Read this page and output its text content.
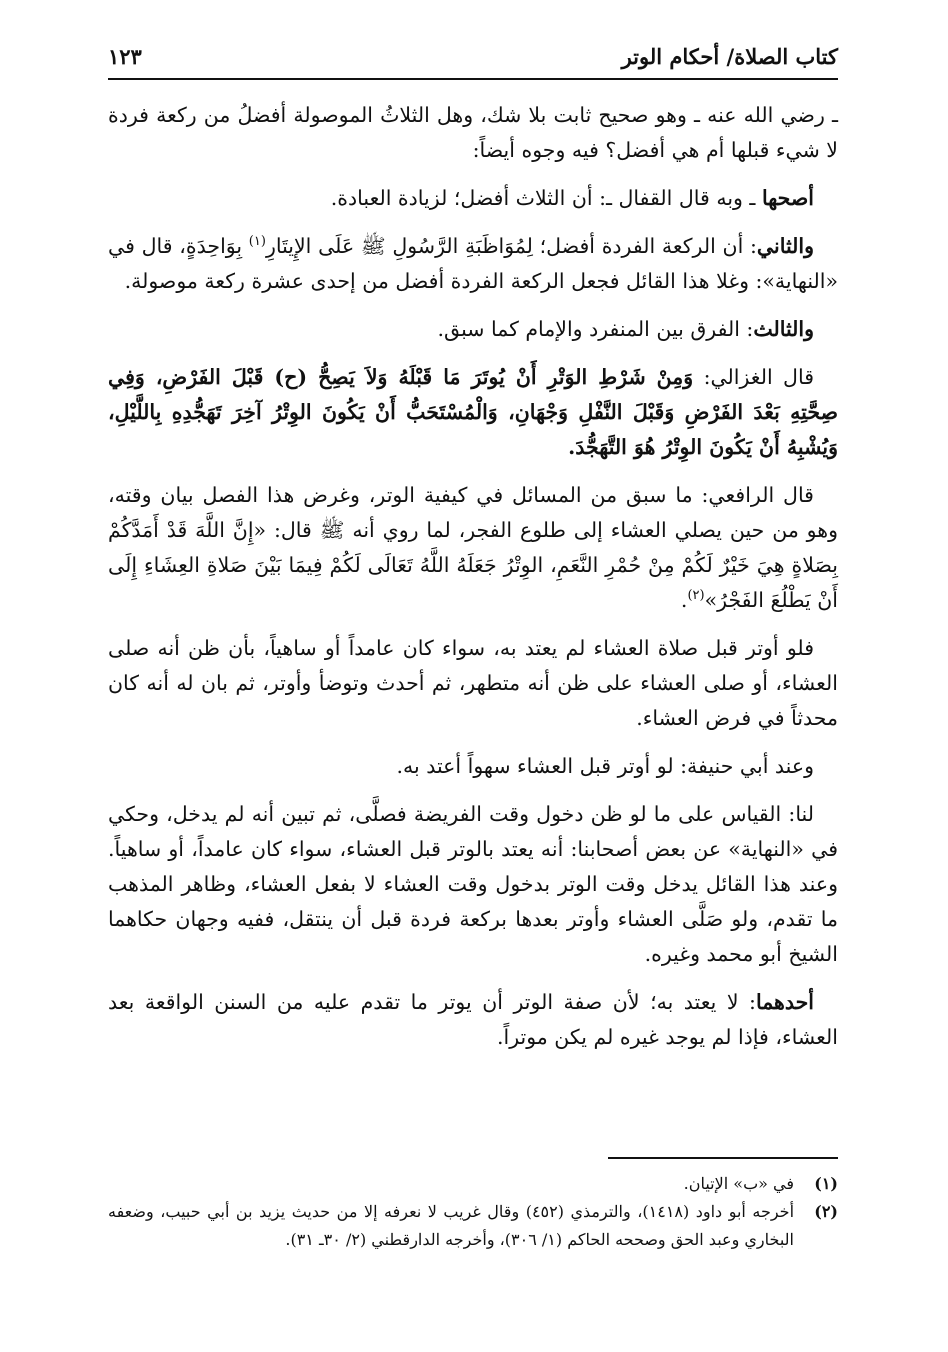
كتاب الصلاة/ أحكام الوتر
١٢٣

ـ رضي الله عنه ـ وهو صحيح ثابت بلا شك، وهل الثلاثُ الموصولة أفضلُ من ركعة فردة لا شيء قبلها أم هي أفضل؟ فيه وجوه أيضاً:

أصحها ـ وبه قال القفال ـ: أن الثلاث أفضل؛ لزيادة العبادة.

والثاني: أن الركعة الفردة أفضل؛ لِمُوَاظَبَةِ الرَّسُولِ ﷺ عَلَى الإِيتَارِ$^{(١)}$ بِوَاحِدَةٍ، قال في «النهاية»: وغلا هذا القائل فجعل الركعة الفردة أفضل من إحدى عشرة ركعة موصولة.

والثالث: الفرق بين المنفرد والإمام كما سبق.

قال الغزالي: وَمِنْ شَرْطِ الوَتْرِ أَنْ يُوتَرَ مَا قَبْلَهُ وَلاَ يَصِحُّ (ح) قَبْلَ الفَرْضِ، وَفِي صِحَّتِهِ بَعْدَ الفَرْضِ وَقَبْلَ النَّفْلِ وَجْهَانِ، وَالْمُسْتَحَبُّ أَنْ يَكُونَ الوِتْرُ آخِرَ تَهَجُّدِهِ بِاللَّيْلِ، وَيُشْبِهُ أَنْ يَكُونَ الوِتْرُ هُوَ التَّهَجُّدَ.

قال الرافعي: ما سبق من المسائل في كيفية الوتر، وغرض هذا الفصل بيان وقته، وهو من حين يصلي العشاء إلى طلوع الفجر، لما روي أنه ﷺ قال: «إِنَّ اللَّهَ قَدْ أَمَدَّكُمْ بِصَلاةٍ هِيَ خَيْرٌ لَكُمْ مِنْ حُمْرِ النَّعَمِ، الوِتْرُ جَعَلَهُ اللَّهُ تَعَالَى لَكُمْ فِيمَا بَيْنَ صَلاةِ العِشَاءِ إِلَى أَنْ يَطْلُعَ الفَجْرُ»$^{(٢)}$.

فلو أوتر قبل صلاة العشاء لم يعتد به، سواء كان عامداً أو ساهياً، بأن ظن أنه صلى العشاء، أو صلى العشاء على ظن أنه متطهر، ثم أحدث وتوضأ وأوتر، ثم بان له أنه كان محدثاً في فرض العشاء.

وعند أبي حنيفة: لو أوتر قبل العشاء سهواً أعتد به.

لنا: القياس على ما لو ظن دخول وقت الفريضة فصلَّى، ثم تبين أنه لم يدخل، وحكي في «النهاية» عن بعض أصحابنا: أنه يعتد بالوتر قبل العشاء، سواء كان عامداً، أو ساهياً. وعند هذا القائل يدخل وقت الوتر بدخول وقت العشاء لا بفعل العشاء، وظاهر المذهب ما تقدم، ولو صَلَّى العشاء وأوتر بعدها بركعة فردة قبل أن ينتقل، ففيه وجهان حكاهما الشيخ أبو محمد وغيره.

أحدهما: لا يعتد به؛ لأن صفة الوتر أن يوتر ما تقدم عليه من السنن الواقعة بعد العشاء، فإذا لم يوجد غيره لم يكن موتراً.

(١)
في «ب» الإتيان.
(٢)
أخرجه أبو داود (١٤١٨)، والترمذي (٤٥٢) وقال غريب لا نعرفه إلا من حديث يزيد بن أبي حبيب، وضعفه البخاري وعبد الحق وصححه الحاكم (١/ ٣٠٦)، وأخرجه الدارقطني (٢/ ٣٠ـ ٣١).
